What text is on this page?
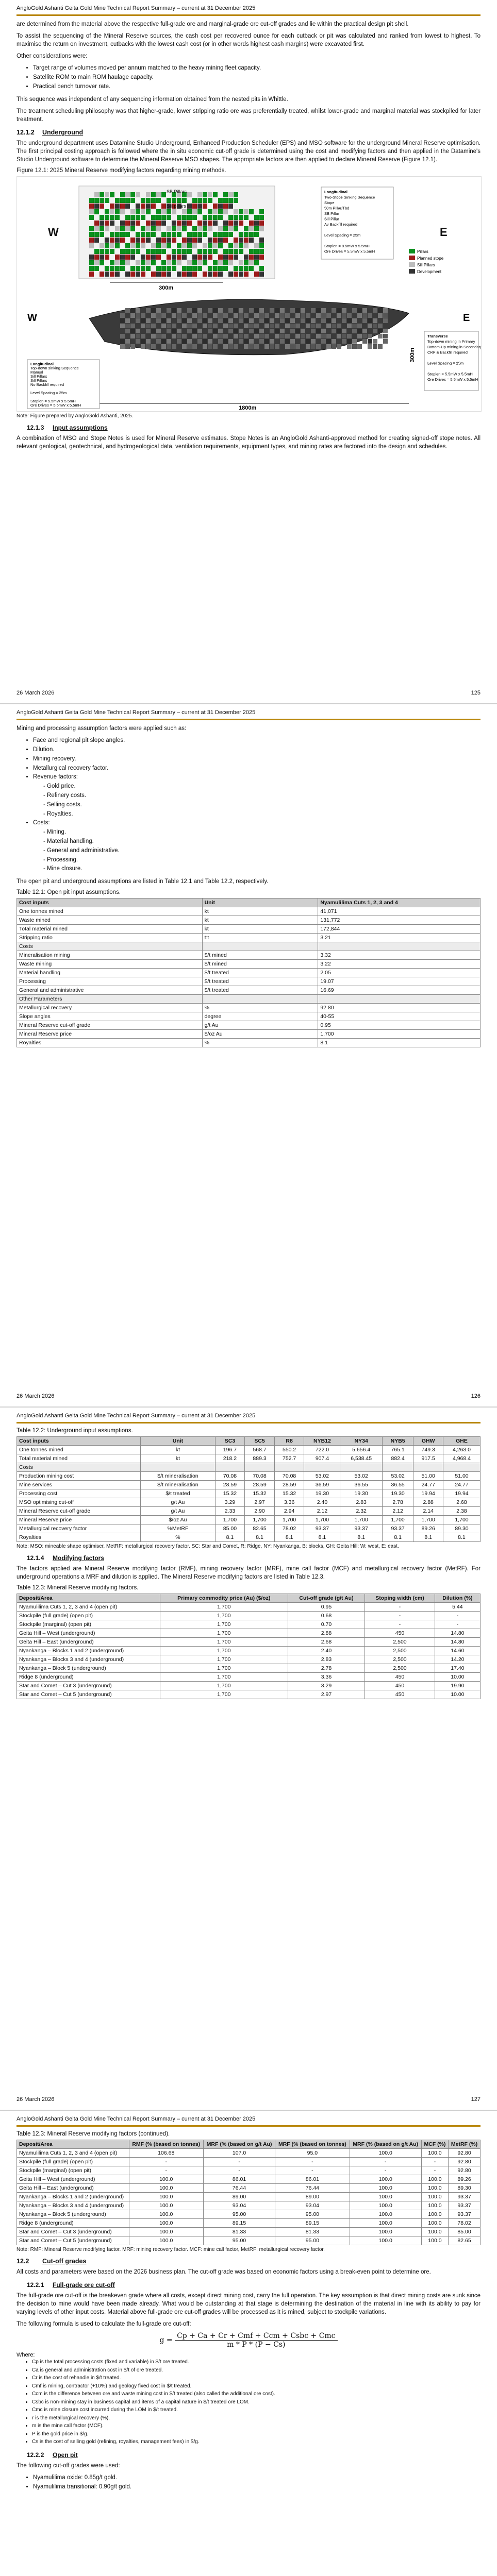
AngloGold Ashanti Geita Gold Mine Technical Report Summary – current at 31 December 2025

are determined from the material above the respective full-grade ore and marginal-grade ore cut-off grades and lie within the practical design pit shell.

To assist the sequencing of the Mineral Reserve sources, the cash cost per recovered ounce for each cutback or pit was calculated and ranked from lowest to highest. To maximise the return on investment, cutbacks with the lowest cash cost (or in other words highest cash margins) were excavated first.

Other considerations were:

• Target range of volumes moved per annum matched to the heavy mining fleet capacity.
• Satellite ROM to main ROM haulage capacity.
• Practical bench turnover rate.

This sequence was independent of any sequencing information obtained from the nested pits in Whittle.

The treatment scheduling philosophy was that higher-grade, lower stripping ratio ore was preferentially treated, whilst lower-grade and marginal material was stockpiled for later treatment.

12.1.2 Underground

The underground department uses Datamine Studio Underground, Enhanced Production Scheduler (EPS) and MSO software for the underground Mineral Reserve optimisation. The first principal costing approach is followed where the in situ economic cut-off grade is determined using the cost and modifying factors and then applied in the Datamine's Studio Underground software to determine the Mineral Reserve MSO shapes. The appropriate factors are then applied to declare Mineral Reserve (Figure 12.1).

Figure 12.1: 2025 Mineral Reserve modifying factors regarding mining methods.
W	E
SB Pillars
Sill pillars
300m
Longitudinal
Two-Stope Sinking Sequence
Stope
50m Pillar/Tbd
SB Pillar
Sill Pillar
Av Backfill required
Level Spacing = 25m
Stoplen = 8.5mW x 5.5mH
Ore Drives = 5.5mW x 5.5mH	Pillars
Planned stope
Sill Pillars
Development
W	E
1800m
300m
Longitudinal
Top-down sinking Sequence
Manual
Sill Pillars
Sill Pillars
No Backfill required
Level Spacing = 25m
Stoplen = 5.5mW x 5.5mH
Ore Drives = 5.5mW x 5.5mH
Transverse
Top-down mining in Primary
Bottom-Up mining in Secondary
CRF & Backfill required
Level Spacing = 25m
Stoplen = 5.5mW x 5.5mH
Ore Drives = 5.5mW x 5.5mH
Note: Figure prepared by AngloGold Ashanti, 2025.
12.1.3 Input assumptions

A combination of MSO and Stope Notes is used for Mineral Reserve estimates. Stope Notes is an AngloGold Ashanti-approved method for creating signed-off stope notes. All relevant geological, geotechnical, and hydrogeological data, ventilation requirements, equipment types, and mining rates are factored into the design and schedules.

26 March 2026	125
AngloGold Ashanti Geita Gold Mine Technical Report Summary – current at 31 December 2025

Mining and processing assumption factors were applied such as:

• Face and regional pit slope angles.
• Dilution.
• Mining recovery.
• Metallurgical recovery factor.
• Revenue factors:
- Gold price.
- Refinery costs.
- Selling costs.
- Royalties.
• Costs:
- Mining.
- Material handling.
- General and administrative.
- Processing.
- Mine closure.

The open pit and underground assumptions are listed in Table 12.1 and Table 12.2, respectively.

Table 12.1: Open pit input assumptions.
Cost inputs	Unit	Nyamulilima Cuts 1, 2, 3 and 4
One tonnes mined	kt	41,071
Waste mined	kt	131,772
Total material mined	kt	172,844
Stripping ratio	t:t	3.21
Costs		
Mineralisation mining	$/t mined	3.32
Waste mining	$/t mined	3.22
Material handling	$/t treated	2.05
Processing	$/t treated	19.07
General and administrative	$/t treated	16.69
Other Parameters		
Metallurgical recovery	%	92.80
Slope angles	degree	40-55
Mineral Reserve cut-off grade	g/t Au	0.95
Mineral Reserve price	$/oz Au	1,700
Royalties	%	8.1
26 March 2026	126
AngloGold Ashanti Geita Gold Mine Technical Report Summary – current at 31 December 2025
Table 12.2: Underground input assumptions.
Cost inputs	Unit	SC3	SC5	R8	NYB12	NY34	NYB5	GHW	GHE
One tonnes mined	kt	196.7	568.7	550.2	722.0	5,656.4	765.1	749.3	4,263.0
Total material mined	kt	218.2	889.3	752.7	907.4	6,538.45	882.4	917.5	4,968.4
Costs									
Production mining cost	$/t mineralisation	70.08	70.08	70.08	53.02	53.02	53.02	51.00	51.00
Mine services	$/t mineralisation	28.59	28.59	28.59	36.59	36.55	36.55	24.77	24.77
Processing cost	$/t treated	15.32	15.32	15.32	19.30	19.30	19.30	19.94	19.94
MSO optimising cut-off	g/t Au	3.29	2.97	3.36	2.40	2.83	2.78	2.88	2.68
Mineral Reserve cut-off grade	g/t Au	2.33	2.90	2.94	2.12	2.32	2.12	2.14	2.38
Mineral Reserve price	$/oz Au	1,700	1,700	1,700	1,700	1,700	1,700	1,700	1,700
Metallurgical recovery factor	%MetRF	85.00	82.65	78.02	93.37	93.37	93.37	89.26	89.30
Royalties	%	8.1	8.1	8.1	8.1	8.1	8.1	8.1	8.1
Note: MSO: mineable shape optimiser, MetRF: metallurgical recovery factor. SC: Star and Comet, R: Ridge, NY: Nyankanga, B: blocks, GH: Geita Hill: W: west, E: east.
12.1.4 Modifying factors

The factors applied are Mineral Reserve modifying factor (RMF), mining recovery factor (MRF), mine call factor (MCF) and metallurgical recovery factor (MetRF). For underground operations a MRF and dilution is applied. The Mineral Reserve modifying factors are listed in Table 12.3.

Table 12.3: Mineral Reserve modifying factors.
Deposit/Area	Primary commodity price (Au) ($/oz)	Cut-off grade (g/t Au)	Stoping width (cm)	Dilution (%)
Nyamulilima Cuts 1, 2, 3 and 4 (open pit)	1,700	0.95	-	5.44
Stockpile (full grade) (open pit)	1,700	0.68	-	-
Stockpile (marginal) (open pit)	1,700	0.70	-	-
Geita Hill – West (underground)	1,700	2.88	450	14.80
Geita Hill – East (underground)	1,700	2.68	2,500	14.80
Nyankanga – Blocks 1 and 2 (underground)	1,700	2.40	2,500	14.60
Nyankanga – Blocks 3 and 4 (underground)	1,700	2.83	2,500	14.20
Nyankanga – Block 5 (underground)	1,700	2.78	2,500	17.40
Ridge 8 (underground)	1,700	3.36	450	10.00
Star and Comet – Cut 3 (underground)	1,700	3.29	450	19.90
Star and Comet – Cut 5 (underground)	1,700	2.97	450	10.00
26 March 2026	127
AngloGold Ashanti Geita Gold Mine Technical Report Summary – current at 31 December 2025
Table 12.3: Mineral Reserve modifying factors (continued).
Deposit/Area	RMF (% (based on tonnes)	MRF (% (based on g/t Au)	MRF (% (based on tonnes)	MRF (% (based on g/t Au)	MCF (%)	MetRF (%)
Nyamulilima Cuts 1, 2, 3 and 4 (open pit)	106.68	107.0	95.0	100.0	100.0	92.80
Stockpile (full grade) (open pit)	-	-	-	-	-	92.80
Stockpile (marginal) (open pit)	-	-	-	-	-	92.80
Geita Hill – West (underground)	100.0	86.01	86.01	100.0	100.0	89.26
Geita Hill – East (underground)	100.0	76.44	76.44	100.0	100.0	89.30
Nyankanga – Blocks 1 and 2 (underground)	100.0	89.00	89.00	100.0	100.0	93.37
Nyankanga – Blocks 3 and 4 (underground)	100.0	93.04	93.04	100.0	100.0	93.37
Nyankanga – Block 5 (underground)	100.0	95.00	95.00	100.0	100.0	93.37
Ridge 8 (underground)	100.0	89.15	89.15	100.0	100.0	78.02
Star and Comet – Cut 3 (underground)	100.0	81.33	81.33	100.0	100.0	85.00
Star and Comet – Cut 5 (underground)	100.0	95.00	95.00	100.0	100.0	82.65
Note: RMF: Mineral Reserve modifying factor. MRF: mining recovery factor. MCF: mine call factor, MetRF: metallurgical recovery factor.
12.2 Cut-off grades

All costs and parameters were based on the 2026 business plan. The cut-off grade was based on economic factors using a break-even point to determine ore.

12.2.1 Full-grade ore cut-off

The full-grade ore cut-off is the breakeven grade where all costs, except direct mining cost, carry the full operation. The key assumption is that direct mining costs are sunk since the decision to mine would have been made already. What would be outstanding at that stage is determining the destination of the material in line with its ability to pay for varying levels of other input costs. Material above full-grade ore cut-off grades will be processed as it is mined, subject to stockpile variations.

The following formula is used to calculate the full-grade ore cut-off:

$g = \frac{\text{Cp + Ca + Cr + Cmf + Ccm + Csbc + Cmc}}{m * P * (P - Cs)}$
Where:
• Cp is the total processing costs (fixed and variable) in $/t ore treated.
• Ca is general and administration cost in $/t of ore treated.
• Cr is the cost of rehandle in $/t treated.
• Cmf is mining, contractor (+10%) and geology fixed cost in $/t treated.
• Ccm is the difference between ore and waste mining cost in $/t treated (also called the additional ore cost).
• Csbc is non-mining stay in business capital and items of a capital nature in $/t treated ore LOM.
• Cmc is mine closure cost incurred during the LOM in $/t treated.
• r is the metallurgical recovery (%).
• m is the mine call factor (MCF).
• P is the gold price in $/g.
• Cs is the cost of selling gold (refining, royalties, management fees) in $/g.
12.2.2 Open pit

The following cut-off grades were used:

• Nyamulilima oxide: 0.85g/t gold.
• Nyamulilima transitional: 0.90g/t gold.
